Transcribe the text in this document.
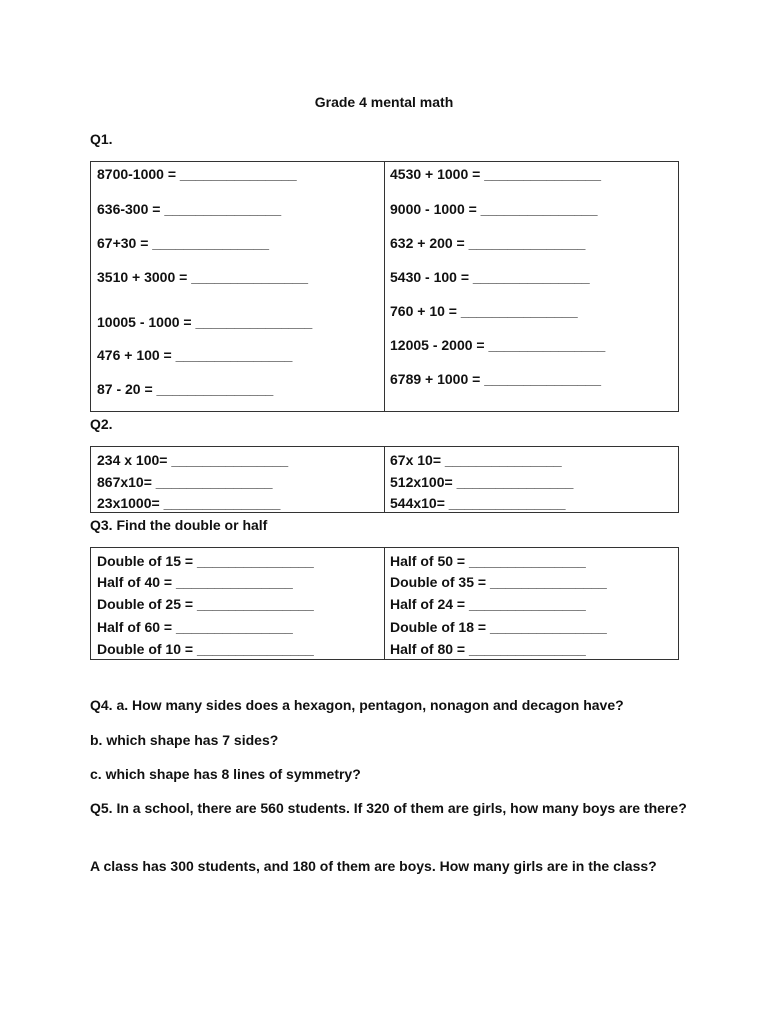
Grade 4 mental math
Q1.
8700-1000 = _______________
636-300 = _______________
67+30 = _______________
3510 + 3000 = _______________
10005 - 1000 = _______________
476 + 100 = _______________
87 - 20 = _______________
4530 + 1000 = _______________
9000 - 1000 = _______________
632 + 200 = _______________
5430 - 100 = _______________
760 + 10 = _______________
12005 - 2000 = _______________
6789 + 1000 = _______________
Q2.
234 x 100= _______________
867x10= _______________
23x1000= _______________
67x 10= _______________
512x100= _______________
544x10= _______________
Q3. Find the double or half
Double of 15 = _______________
Half of 40 = _______________
Double of 25 = _______________
Half of 60 = _______________
Double of 10 = _______________
Half of 50 = _______________
Double of 35 = _______________
Half of 24 = _______________
Double of 18 = _______________
Half of 80 = _______________
Q4. a. How many sides does a hexagon, pentagon, nonagon and decagon have?
b. which shape has 7 sides?
c. which shape has 8 lines of symmetry?
Q5. In a school, there are 560 students. If 320 of them are girls, how many boys are there?
A class has 300 students, and 180 of them are boys. How many girls are in the class?
